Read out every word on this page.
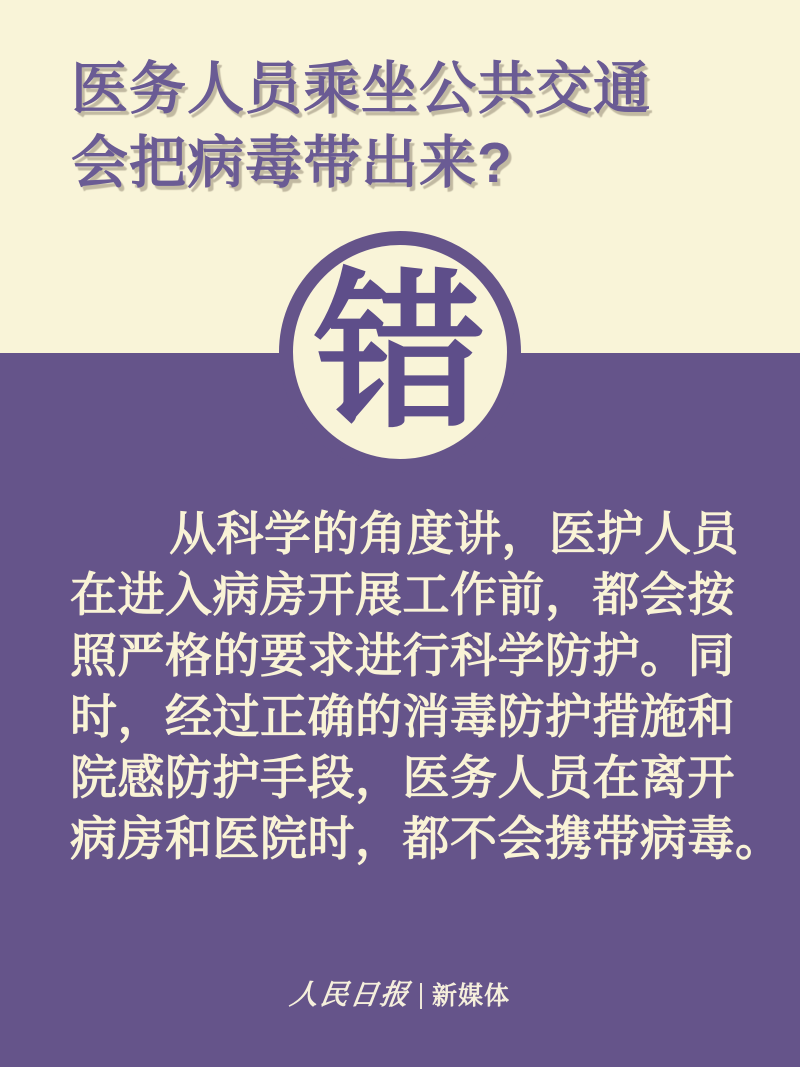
医务人员乘坐公共交通
会把病毒带出来?
错
从科学的角度讲，医护人员
在进入病房开展工作前，都会按
照严格的要求进行科学防护。同
时，经过正确的消毒防护措施和
院感防护手段，医务人员在离开
病房和医院时，都不会携带病毒。
人民日报 新媒体
